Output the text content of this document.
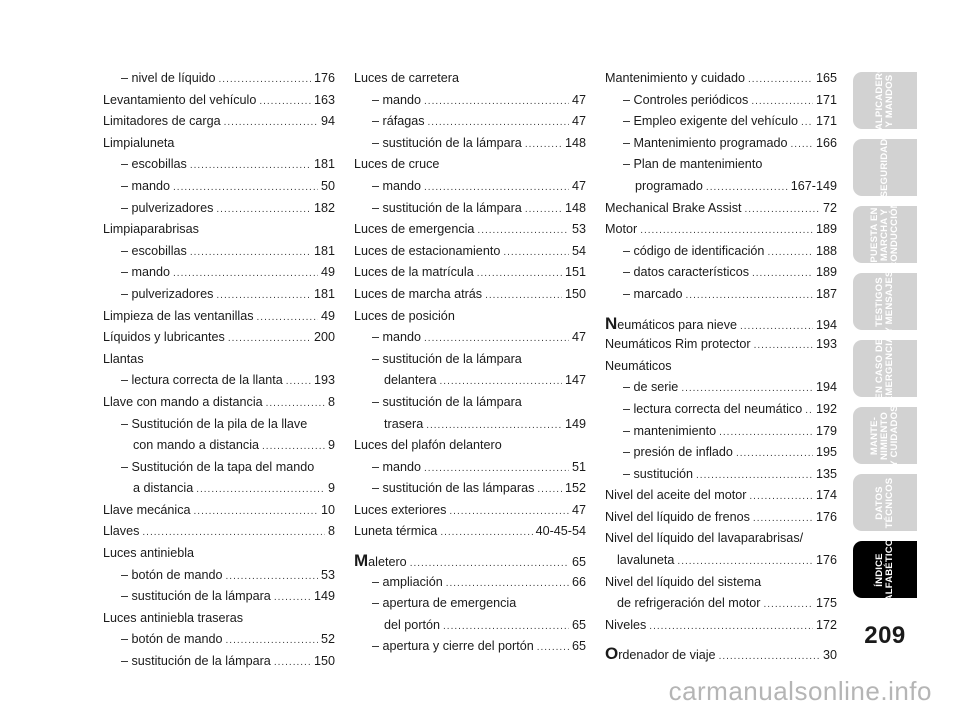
– nivel de líquido .....	176
Levantamiento del vehículo .....	163
Limitadores de carga .....	94
Limpialuneta
– escobillas .....	181
– mando .....	50
– pulverizadores .....	182
Limpiaparabrisas
– escobillas .....	181
– mando .....	49
– pulverizadores .....	181
Limpieza de las ventanillas .....	49
Líquidos y lubricantes .....	200
Llantas
– lectura correcta de la llanta ..... 193
Llave con mando a distancia .....	8
– Sustitución de la pila de la llave
con mando a distancia .....	9
– Sustitución de la tapa del mando
a distancia .....	9
Llave mecánica .....	10
Llaves .....	8
Luces antiniebla
– botón de mando .....	53
– sustitución de la lámpara .....	149
Luces antiniebla traseras
– botón de mando .....	52
– sustitución de la lámpara .....	150
Luces de carretera
– mando .....	47
– ráfagas .....	47
– sustitución de la lámpara .....	148
Luces de cruce
– mando .....	47
– sustitución de la lámpara .....	148
Luces de emergencia .....	53
Luces de estacionamiento .....	54
Luces de la matrícula .....	151
Luces de marcha atrás .....	150
Luces de posición
– mando .....	47
– sustitución de la lámpara
delantera .....	147
– sustitución de la lámpara
trasera .....	149
Luces del plafón delantero
– mando .....	51
– sustitución de las lámparas ..... 152
Luces exteriores .....	47
Luneta térmica .....	40-45-54
Maletero .....	65
– ampliación .....	66
– apertura de emergencia
del portón .....	65
– apertura y cierre del portón .....	65
Mantenimiento y cuidado .....	165
– Controles periódicos .....	171
– Empleo exigente del vehículo ..... 171
– Mantenimiento programado ..... 166
– Plan de mantenimiento
programado .....	167-149
Mechanical Brake Assist .....	72
Motor .....	189
– código de identificación .....	188
– datos característicos .....	189
– marcado .....	187
Neumáticos para nieve .....	194
Neumáticos Rim protector .....	193
Neumáticos
– de serie .....	194
– lectura correcta del neumático ..... 192
– mantenimiento .....	179
– presión de inflado .....	195
– sustitución .....	135
Nivel del aceite del motor .....	174
Nivel del líquido de frenos .....	176
Nivel del líquido del lavaparabrisas/
lavaluneta .....	176
Nivel del líquido del sistema
de refrigeración del motor .....	175
Niveles .....	172
Ordenador de viaje .....	30
SALPICADERO
Y MANDOS
SEGURIDAD
PUESTA EN
MARCHA Y
CONDUCCIÓN
TESTIGOS
Y MENSAJES
EN CASO DE
EMERGENCIA
MANTE-
NIMIENTO
Y CUIDADOS
DATOS
TÉCNICOS
ÍNDICE
ALFABÉTICO
209
carmanualsonline.info
